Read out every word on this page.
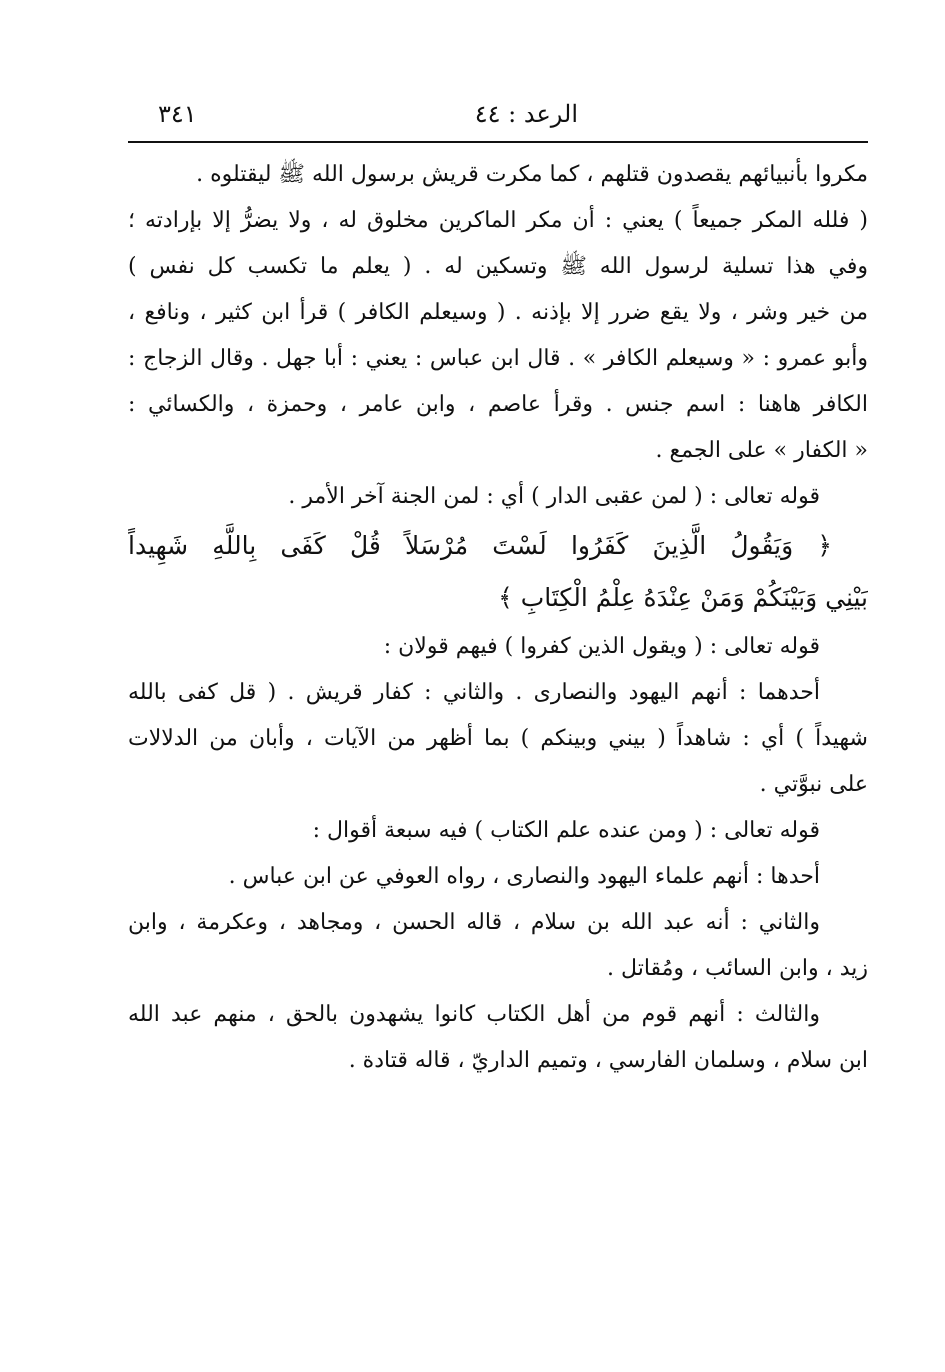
الرعد : ٤٤
٣٤١
مكروا بأنبيائهم يقصدون قتلهم ، كما مكرت قريش برسول الله ﷺ ليقتلوه .
( فلله المكر جميعاً ) يعني : أن مكر الماكرين مخلوق له ، ولا يضرُّ إلا بإرادته ؛
وفي هذا تسلية لرسول الله ﷺ وتسكين له . ( يعلم ما تكسب كل نفس )
من خير وشر ، ولا يقع ضرر إلا بإذنه . ( وسيعلم الكافر ) قرأ ابن كثير ، ونافع ،
وأبو عمرو : « وسيعلم الكافر » . قال ابن عباس : يعني : أبا جهل . وقال الزجاج :
الكافر هاهنا : اسم جنس . وقرأ عاصم ، وابن عامر ، وحمزة ، والكسائي :
« الكفار » على الجمع .
قوله تعالى : ( لمن عقبى الدار ) أي : لمن الجنة آخر الأمر .
﴿ وَيَقُولُ الَّذِينَ كَفَرُوا لَسْتَ مُرْسَلاً قُلْ كَفَى بِاللَّهِ شَهِيداً
بَيْنِي وَبَيْنَكُمْ وَمَنْ عِنْدَهُ عِلْمُ الْكِتَابِ ﴾
قوله تعالى : ( ويقول الذين كفروا ) فيهم قولان :
أحدهما : أنهم اليهود والنصارى . والثاني : كفار قريش . ( قل كفى بالله
شهيداً ) أي : شاهداً ( بيني وبينكم ) بما أظهر من الآيات ، وأبان من الدلالات
على نبوَّتي .
قوله تعالى : ( ومن عنده علم الكتاب ) فيه سبعة أقوال :
أحدها : أنهم علماء اليهود والنصارى ، رواه العوفي عن ابن عباس .
والثاني : أنه عبد الله بن سلام ، قاله الحسن ، ومجاهد ، وعكرمة ، وابن
زيد ، وابن السائب ، ومُقاتل .
والثالث : أنهم قوم من أهل الكتاب كانوا يشهدون بالحق ، منهم عبد الله
ابن سلام ، وسلمان الفارسي ، وتميم الداريّ ، قاله قتادة .
